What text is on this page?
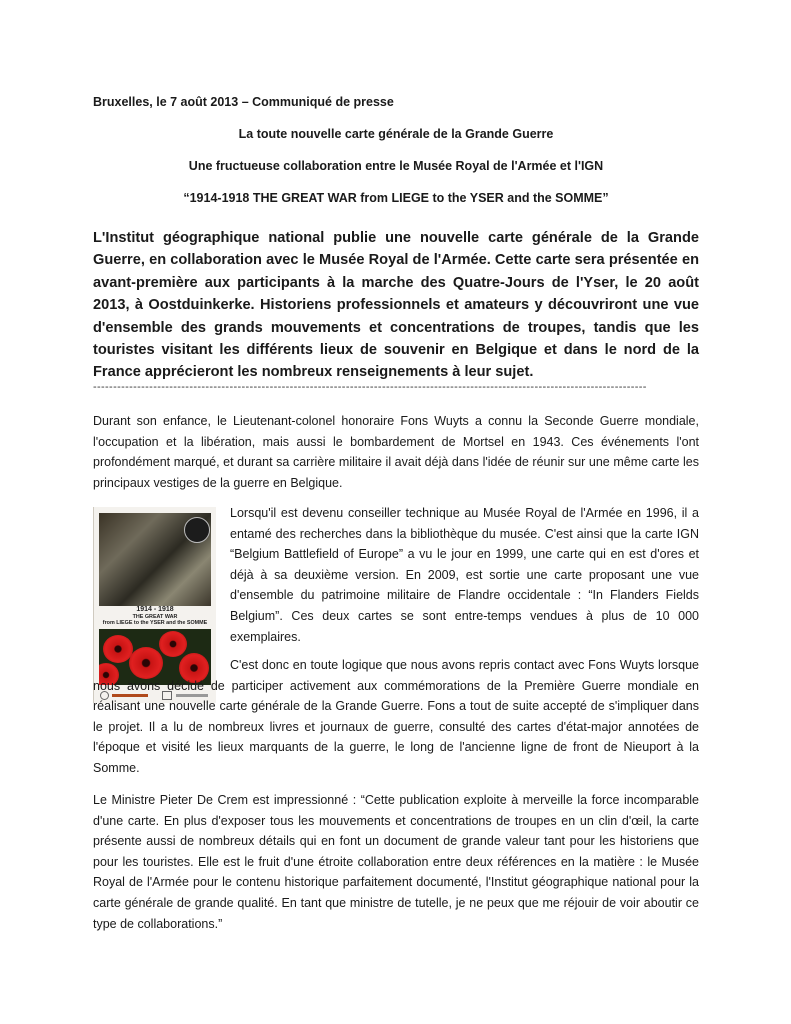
Bruxelles, le 7 août 2013 – Communiqué de presse
La toute nouvelle carte générale de la Grande Guerre
Une fructueuse collaboration entre le Musée Royal de l'Armée et l'IGN
“1914-1918 THE GREAT WAR from LIEGE to the YSER and the SOMME”
L'Institut géographique national publie une nouvelle carte générale de la Grande Guerre, en collaboration avec le Musée Royal de l'Armée. Cette carte sera présentée en avant-première aux participants à la marche des Quatre-Jours de l'Yser, le 20 août 2013, à Oostduinkerke. Historiens professionnels et amateurs y découvriront une vue d'ensemble des grands mouvements et concentrations de troupes, tandis que les touristes visitant les différents lieux de souvenir en Belgique et dans le nord de la France apprécieront les nombreux renseignements à leur sujet.
------------------------------------------------------------------------------------------------------------------------------------------
Durant son enfance, le Lieutenant-colonel honoraire Fons Wuyts a connu la Seconde Guerre mondiale, l'occupation et la libération, mais aussi le bombardement de Mortsel en 1943. Ces événements l'ont profondément marqué, et durant sa carrière militaire il avait déjà dans l'idée de réunir sur une même carte les principaux vestiges de la guerre en Belgique.
1914 - 1918
THE GREAT WAR
from LIEGE to the YSER and the SOMME
Lorsqu'il est devenu conseiller technique au Musée Royal de l'Armée en 1996, il a entamé des recherches dans la bibliothèque du musée. C'est ainsi que la carte IGN “Belgium Battlefield of Europe” a vu le jour en 1999, une carte qui en est d'ores et déjà à sa deuxième version. En 2009, est sortie une carte proposant une vue d'ensemble du patrimoine militaire de Flandre occidentale : “In Flanders Fields Belgium”. Ces deux cartes se sont entre-temps vendues à plus de 10 000 exemplaires.
C'est donc en toute logique que nous avons repris contact avec Fons Wuyts lorsque nous avons décidé de participer activement aux commémorations de la Première Guerre mondiale en réalisant une nouvelle carte générale de la Grande Guerre. Fons a tout de suite accepté de s'impliquer dans le projet. Il a lu de nombreux livres et journaux de guerre, consulté des cartes d'état-major annotées de l'époque et visité les lieux marquants de la guerre, le long de l'ancienne ligne de front de Nieuport à la Somme.
Le Ministre Pieter De Crem est impressionné : “Cette publication exploite à merveille la force incomparable d'une carte. En plus d'exposer tous les mouvements et concentrations de troupes en un clin d'œil, la carte présente aussi de nombreux détails qui en font un document de grande valeur tant pour les historiens que pour les touristes. Elle est le fruit d'une étroite collaboration entre deux références en la matière : le Musée Royal de l'Armée pour le contenu historique parfaitement documenté, l'Institut géographique national pour la carte générale de grande qualité. En tant que ministre de tutelle, je ne peux que me réjouir de voir aboutir ce type de collaborations.”
